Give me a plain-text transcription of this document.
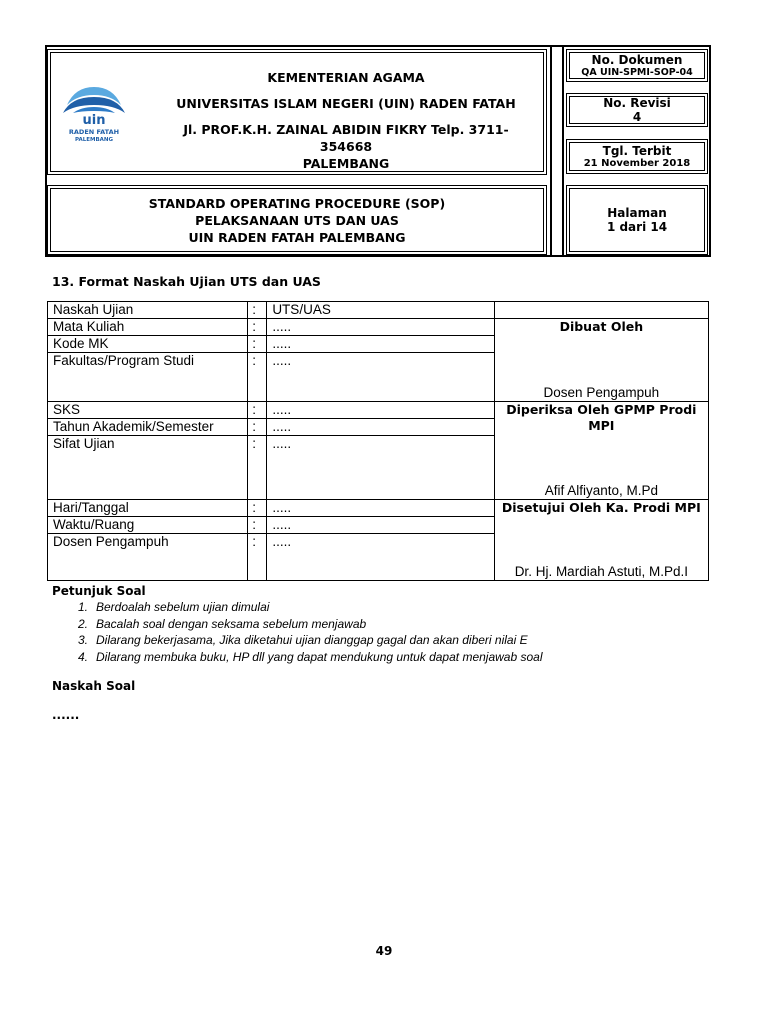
uin
RADEN FATAH
PALEMBANG
KEMENTERIAN AGAMA
UNIVERSITAS ISLAM NEGERI (UIN) RADEN FATAH
Jl. PROF.K.H. ZAINAL ABIDIN FIKRY Telp. 3711-354668
PALEMBANG
STANDARD OPERATING PROCEDURE (SOP)
PELAKSANAAN UTS DAN UAS
UIN RADEN FATAH PALEMBANG
No. Dokumen
QA UIN-SPMI-SOP-04
No. Revisi
4
Tgl. Terbit
21 November 2018
Halaman
1 dari 14
13. Format Naskah Ujian UTS dan UAS
Naskah Ujian	:	UTS/UAS	
Mata Kuliah	:	.....	Dibuat Oleh
Dosen Pengampuh

Kode MK	:	.....	
Fakultas/Program Studi	:	.....	
SKS	:	.....	Diperiksa Oleh GPMP Prodi MPI
Afif Alfiyanto, M.Pd

Tahun Akademik/Semester	:	.....	
Sifat Ujian	:	.....	
Hari/Tanggal	:	.....	Disetujui Oleh Ka. Prodi MPI
Dr. Hj. Mardiah Astuti, M.Pd.I

Waktu/Ruang	:	.....	
Dosen Pengampuh	:	.....	
Petunjuk Soal
1. Berdoalah sebelum ujian dimulai
2. Bacalah soal dengan seksama sebelum menjawab
3. Dilarang bekerjasama, Jika diketahui ujian dianggap gagal dan akan diberi nilai E
4. Dilarang membuka buku, HP dll yang dapat mendukung untuk dapat menjawab soal
Naskah Soal
......
49
